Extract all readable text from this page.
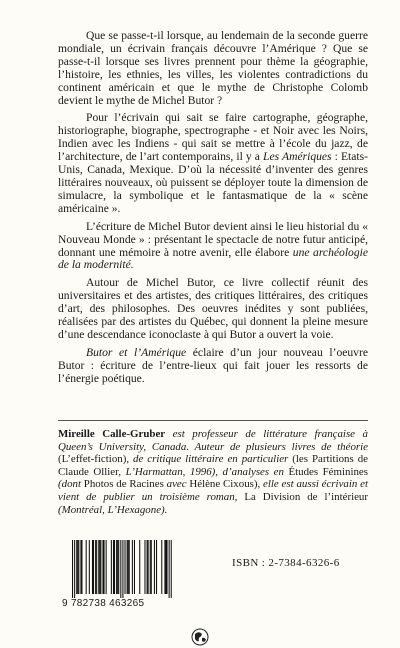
Que se passe-t-il lorsque, au lendemain de la seconde guerre mondiale, un écrivain français découvre l’Amérique ? Que se passe-t-il lorsque ses livres prennent pour thème la géographie, l’histoire, les ethnies, les villes, les violentes contradictions du continent américain et que le mythe de Christophe Colomb devient le mythe de Michel Butor ?

Pour l’écrivain qui sait se faire cartographe, géographe, historiographe, biographe, spectrographe - et Noir avec les Noirs, Indien avec les Indiens - qui sait se mettre à l’école du jazz, de l’architecture, de l’art contemporains, il y a Les Amériques : Etats-Unis, Canada, Mexique. D’où la nécessité d’inventer des genres littéraires nouveaux, où puissent se déployer toute la dimension de simulacre, la symbolique et le fantasmatique de la « scène américaine ».

L’écriture de Michel Butor devient ainsi le lieu historial du « Nouveau Monde » : présentant le spectacle de notre futur anticipé, donnant une mémoire à notre avenir, elle élabore une archéologie de la modernité.

Autour de Michel Butor, ce livre collectif réunit des universitaires et des artistes, des critiques littéraires, des critiques d’art, des philosophes. Des oeuvres inédites y sont publiées, réalisées par des artistes du Québec, qui donnent la pleine mesure d’une descendance iconoclaste à qui Butor a ouvert la voie.

Butor et l’Amérique éclaire d’un jour nouveau l’oeuvre Butor : écriture de l’entre-lieux qui fait jouer les ressorts de l’énergie poétique.

Mireille Calle-Gruber est professeur de littérature française à Queen’s University, Canada. Auteur de plusieurs livres de théorie (L’effet-fiction), de critique littéraire en particulier (les Partitions de Claude Ollier, L’Harmattan, 1996), d’analyses en Études Féminines (dont Photos de Racines avec Hélène Cixous), elle est aussi écrivain et vient de publier un troisième roman, La Division de l’intérieur (Montréal, L’Hexagone).

9 782738 463265
ISBN : 2-7384-6326-6
